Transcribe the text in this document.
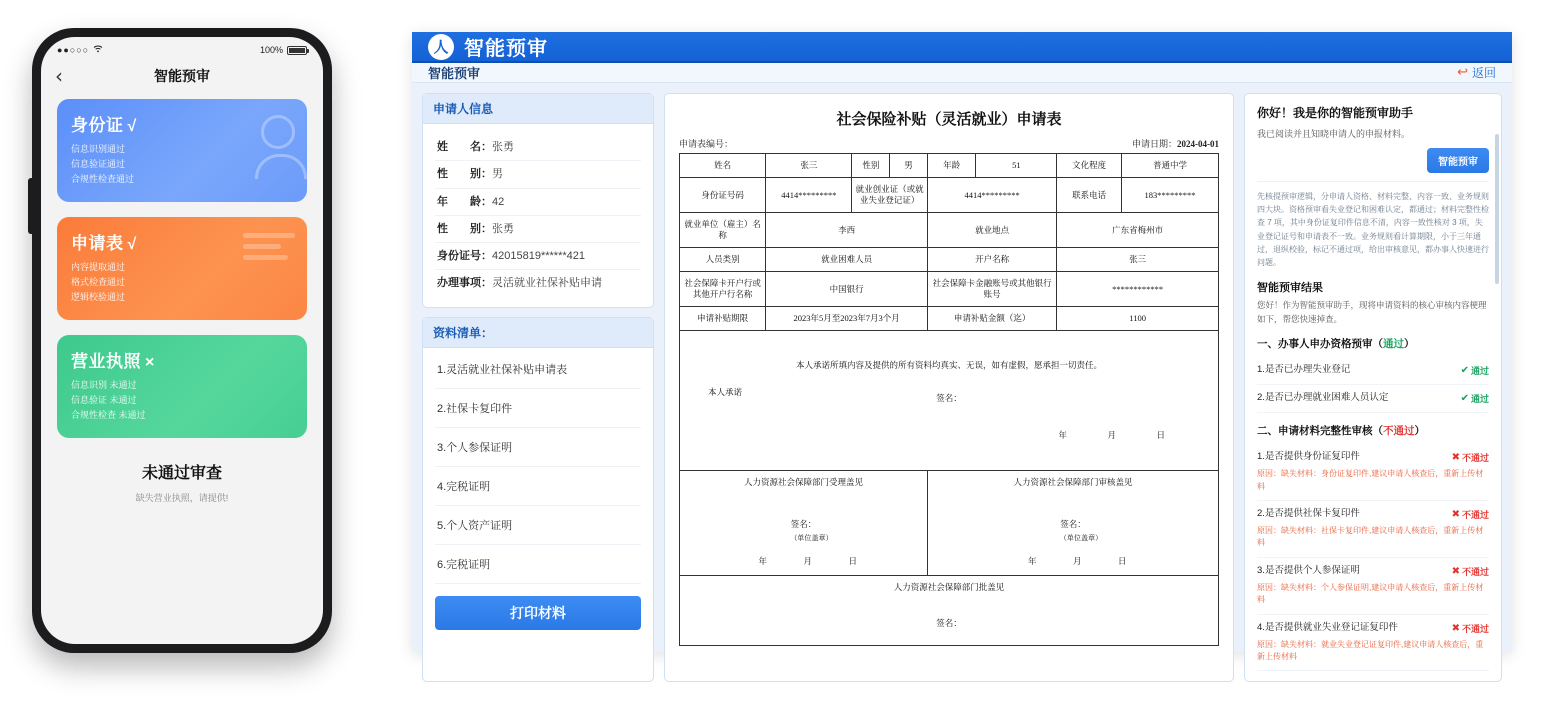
●●○○○	100%
‹	智能预审
身份证 √

信息识别通过

信息验证通过

合规性检查通过

申请表 √

内容提取通过

格式检查通过

逻辑校验通过

营业执照 ×

信息识别 未通过

信息验证 未通过

合规性检查 未通过

未通过审查
缺失营业执照，请提供!
人 智能预审
智能预审	↩ 返回
申请人信息
姓　　名：张勇
性　　别：男
年　　龄：42
性　　别：张勇
身份证号：42015819******421
办理事项：灵活就业社保补贴申请
资料清单：
1.灵活就业社保补贴申请表
2.社保卡复印件
3.个人参保证明
4.完税证明
5.个人资产证明
6.完税证明
打印材料
社会保险补贴（灵活就业）申请表
申请表编号：	申请日期：2024-04-01
姓名	张三	性别	男	年龄	51	文化程度	普通中学
身份证号码	4414*********	就业创业证（或就业失业登记证）		4414*********		联系电话	183*********
就业单位（雇主）名称	李西			就业地点		广东省梅州市	
人员类别	就业困难人员			开户名称		张三	
社会保障卡开户行或其他开户行名称	中国银行			社会保障卡金融账号或其他银行账号		************	
申请补贴期限	2023年5月至2023年7月3个月			申请补贴金额（迄）		1100	

本人承诺所填内容及提供的所有资料均真实、无误，如有虚假，愿承担一切责任。
本人承诺
签名：
年　月　日							

人力资源社会保障部门受理盖见
签名：
（单位盖章）
年　月　日

人力资源社会保障部门审核盖见
签名：
（单位盖章）
年　月　日

人力资源社会保障部门批盖见
签名：							
你好！我是你的智能预审助手
我已阅读并且知晓申请人的申报材料。
智能预审
先核提预审逻辑，分申请人资格、材料完整、内容一致、业务规则四大块。资格预审看失业登记和困难认定，都通过；材料完整性检查 7 项，其中身份证复印件信息不清，内容一致性核对 3 项，失业登记证号和申请表不一致。业务规则看计算期限，小于三年通过，退纵校验，标记不通过项，给出审核意见，都办事人快速进行问题。
智能预审结果
您好！作为智能预审助手，现将申请资料的核心审核内容梗理如下，帮您快速掉查。
一、办事人申办资格预审（通过）
1.是否已办理失业登记	✔ 通过
2.是否已办理就业困难人员认定	✔ 通过
二、申请材料完整性审核（不通过）
1.是否提供身份证复印件	✖ 不通过
原因：缺失材料：身份证复印件,建议申请人核查后，重新上传材料
2.是否提供社保卡复印件	✖ 不通过
原因：缺失材料：社保卡复印件,建议申请人核查后，重新上传材料
3.是否提供个人参保证明	✖ 不通过
原因：缺失材料：个人参保证明,建议申请人核查后，重新上传材料
4.是否提供就业失业登记证复印件	✖ 不通过
原因：缺失材料：就业失业登记证复印件,建议申请人核查后，重新上传材料
